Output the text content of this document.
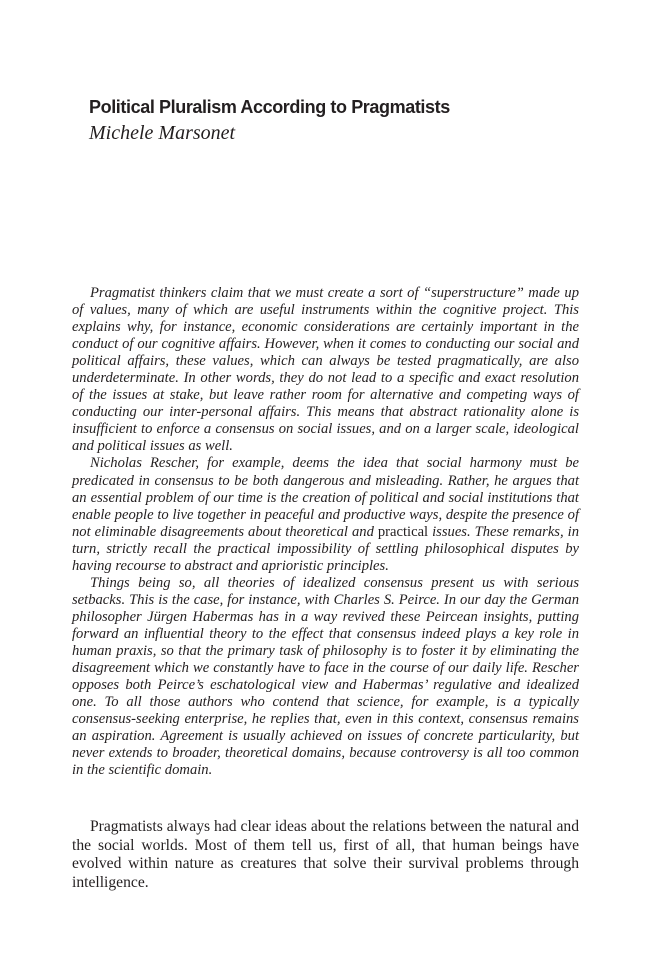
Political Pluralism According to Pragmatists
Michele Marsonet

Pragmatist thinkers claim that we must create a sort of “superstructure” made up of values, many of which are useful instruments within the cognitive project. This explains why, for instance, economic considerations are certainly important in the conduct of our cognitive affairs. However, when it comes to conducting our social and political affairs, these values, which can always be tested pragmatically, are also underdeterminate. In other words, they do not lead to a specific and exact resolution of the issues at stake, but leave rather room for alternative and competing ways of conducting our inter-personal affairs. This means that abstract rationality alone is insufficient to enforce a consensus on social issues, and on a larger scale, ideological and political issues as well.

Nicholas Rescher, for example, deems the idea that social harmony must be predicated in consensus to be both dangerous and misleading. Rather, he argues that an essential problem of our time is the creation of political and social institutions that enable people to live together in peaceful and productive ways, despite the presence of not eliminable disagreements about theoretical and practical issues. These remarks, in turn, strictly recall the practical impossibility of settling philosophical disputes by having recourse to abstract and aprioristic principles.

Things being so, all theories of idealized consensus present us with serious setbacks. This is the case, for instance, with Charles S. Peirce. In our day the German philosopher Jürgen Habermas has in a way revived these Peircean insights, putting forward an influential theory to the effect that consensus indeed plays a key role in human praxis, so that the primary task of philosophy is to foster it by eliminating the disagreement which we constantly have to face in the course of our daily life. Rescher opposes both Peirce’s eschatological view and Habermas’ regulative and idealized one. To all those authors who contend that science, for example, is a typically consensus-seeking enterprise, he replies that, even in this context, consensus remains an aspiration. Agreement is usually achieved on issues of concrete particularity, but never extends to broader, theoretical domains, because controversy is all too common in the scientific domain.

Pragmatists always had clear ideas about the relations between the natural and the social worlds. Most of them tell us, first of all, that human beings have evolved within nature as creatures that solve their survival problems through intelligence.
